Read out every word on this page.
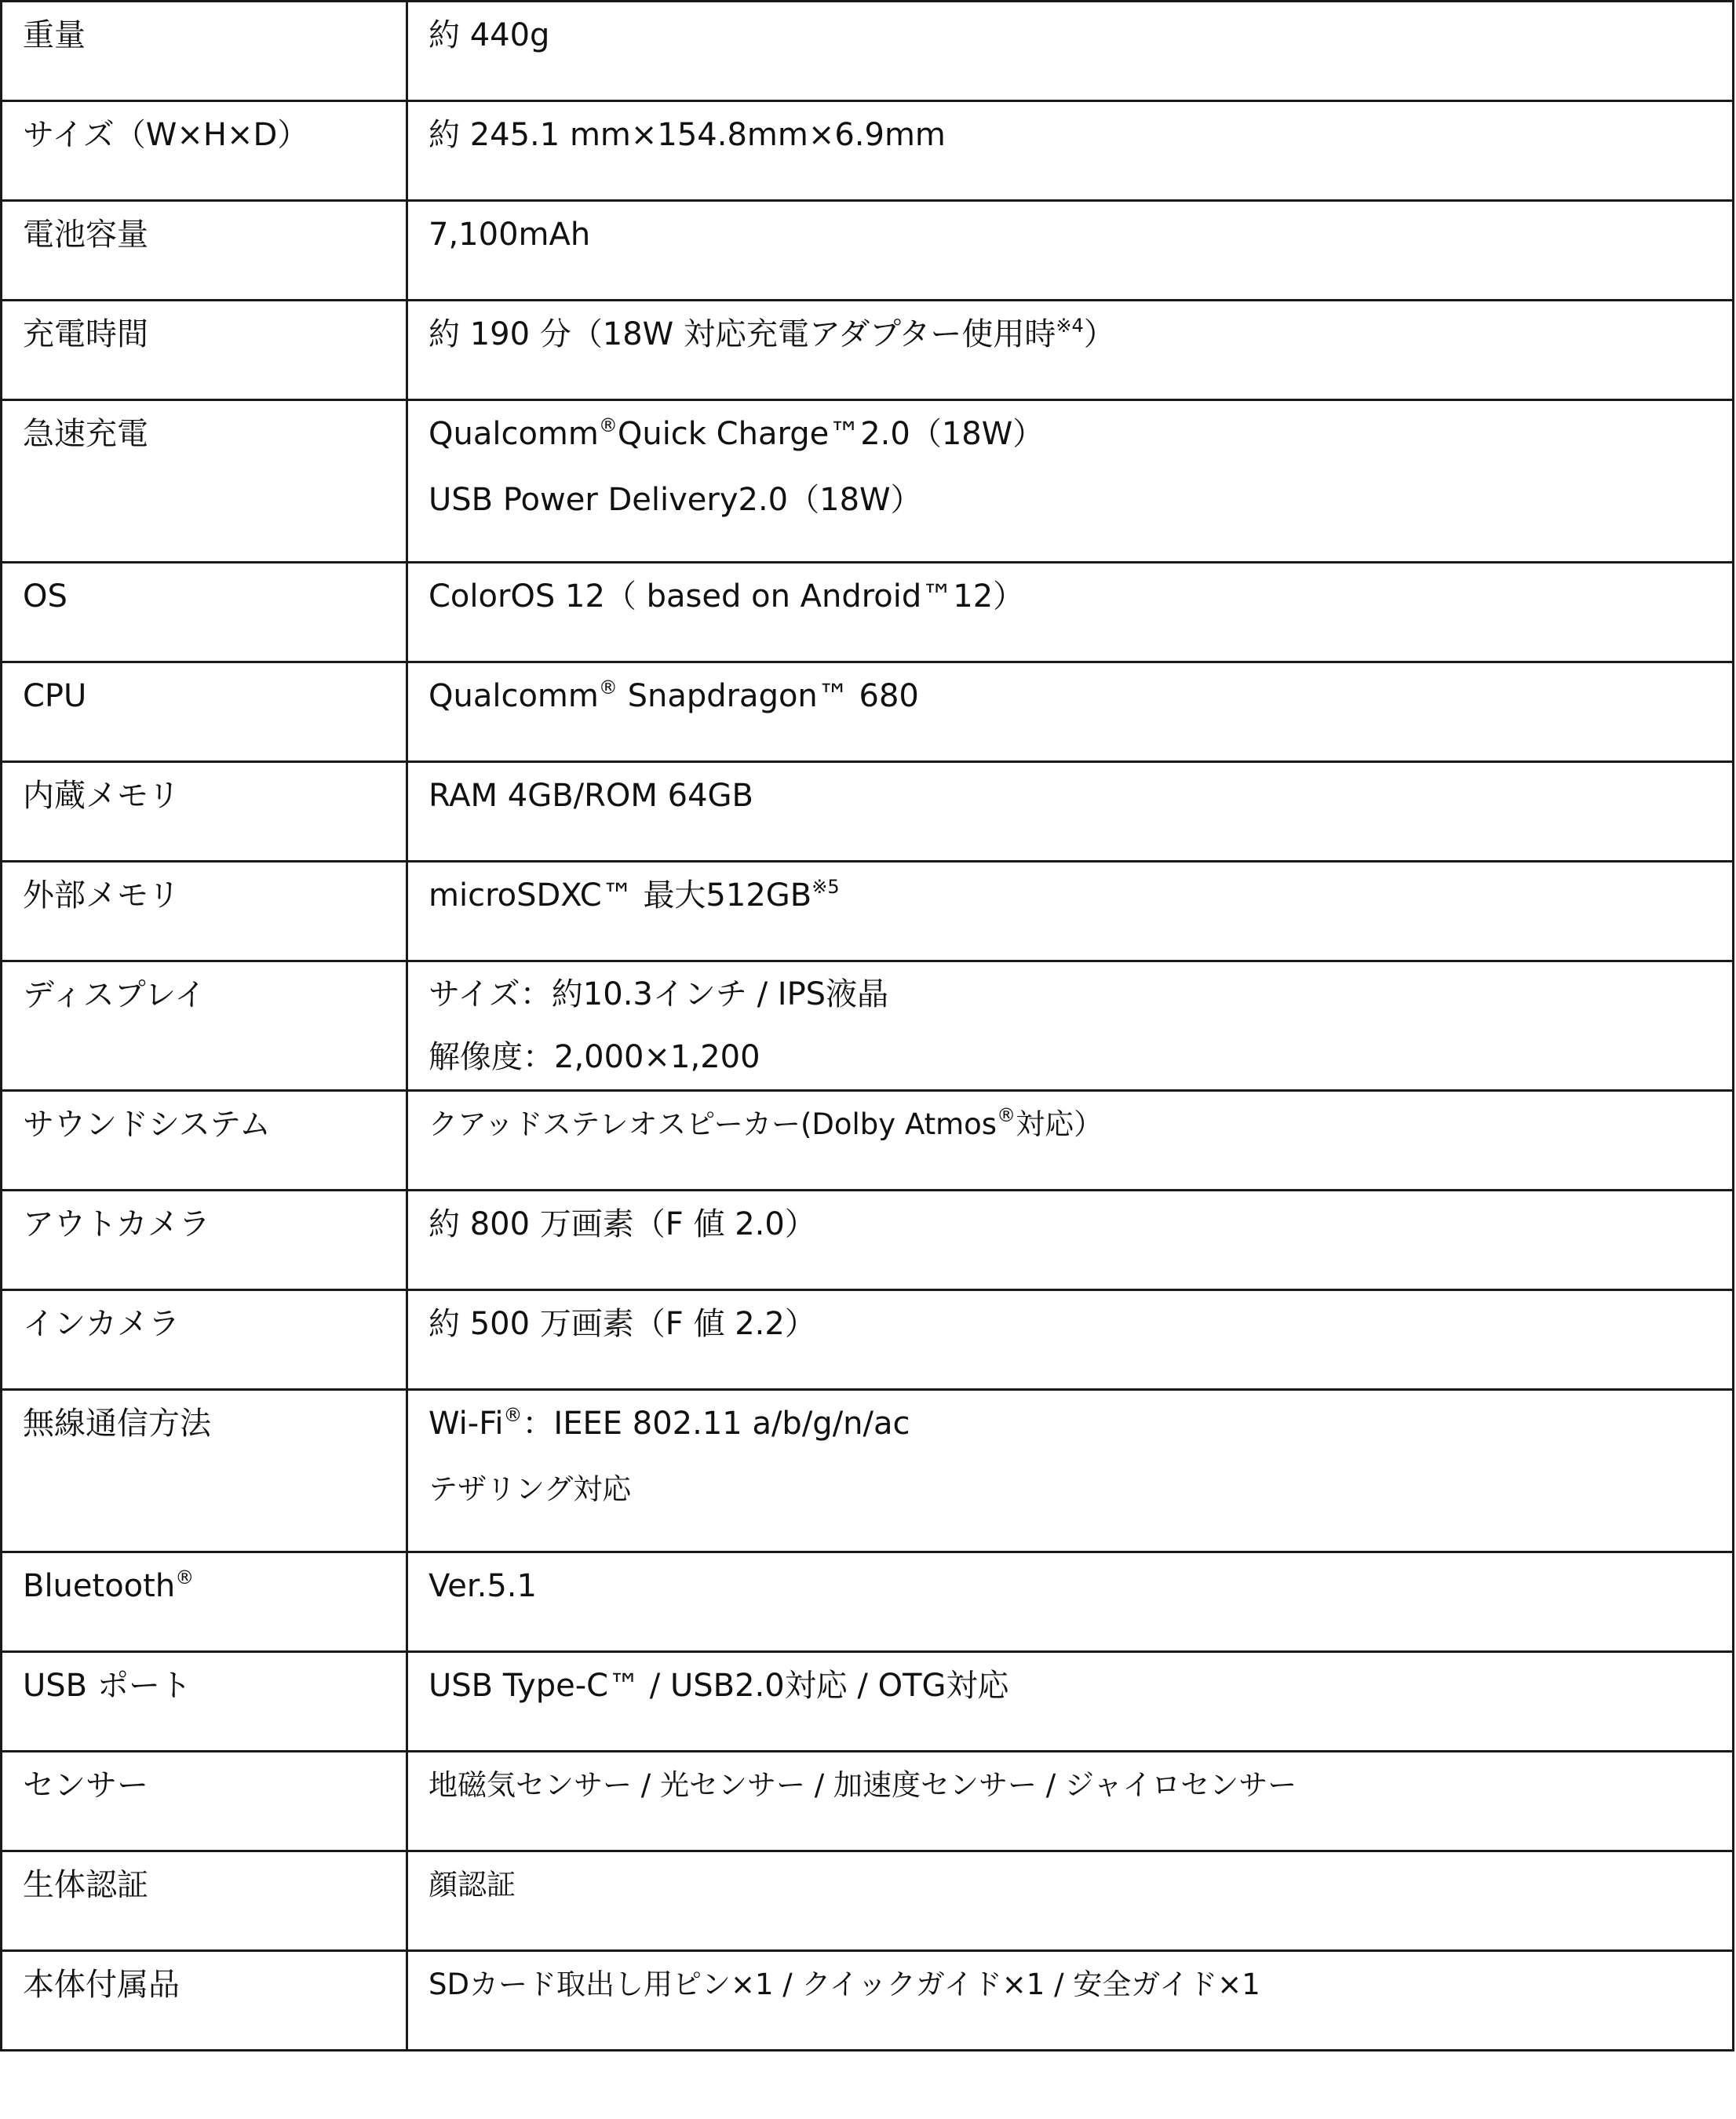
重量	約 440g

サイズ（W×H×D）	約 245.1 mm×154.8mm×6.9mm

電池容量	7,100mAh

充電時間	約 190 分（18W 対応充電アダプター使用時$^{※4}$）

急速充電	Qualcomm®Quick Charge™2.0（18W）
USB Power Delivery2.0（18W）

OS	ColorOS 12（ based on Android™12）

CPU	Qualcomm® Snapdragon™ 680

内蔵メモリ	RAM 4GB/ROM 64GB

外部メモリ	microSDXC™ 最大512GB$^{※5}$

ディスプレイ	サイズ：約10.3インチ / IPS液晶
解像度：2,000×1,200

サウンドシステム	クアッドステレオスピーカー(Dolby Atmos®対応）

アウトカメラ	約 800 万画素（F 値 2.0）

インカメラ	約 500 万画素（F 値 2.2）

無線通信方法	Wi-Fi®：IEEE 802.11 a/b/g/n/ac
テザリング対応

Bluetooth®	Ver.5.1

USB ポート	USB Type-C™ / USB2.0対応 / OTG対応

センサー	地磁気センサー / 光センサー / 加速度センサー / ジャイロセンサー

生体認証	顔認証

本体付属品	SDカード取出し用ピン×1 / クイックガイド×1 / 安全ガイド×1
